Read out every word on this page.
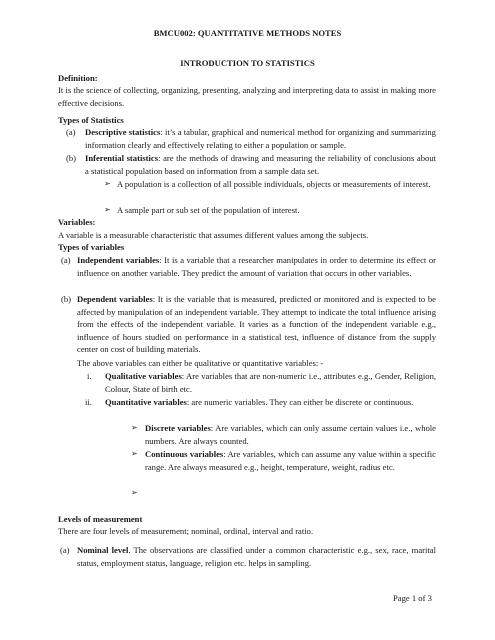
BMCU002: QUANTITATIVE METHODS NOTES
INTRODUCTION TO STATISTICS
Definition:
It is the science of collecting, organizing, presenting, analyzing and interpreting data to assist in making more effective decisions.
Types of Statistics
(a) Descriptive statistics: it’s a tabular, graphical and numerical method for organizing and summarizing information clearly and effectively relating to either a population or sample.
(b) Inferential statistics: are the methods of drawing and measuring the reliability of conclusions about a statistical population based on information from a sample data set.
➢ A population is a collection of all possible individuals, objects or measurements of interest.
➢ A sample part or sub set of the population of interest.
Variables:
A variable is a measurable characteristic that assumes different values among the subjects.
Types of variables
(a) Independent variables: It is a variable that a researcher manipulates in order to determine its effect or influence on another variable. They predict the amount of variation that occurs in other variables.
(b) Dependent variables: It is the variable that is measured, predicted or monitored and is expected to be affected by manipulation of an independent variable. They attempt to indicate the total influence arising from the effects of the independent variable. It varies as a function of the independent variable e.g., influence of hours studied on performance in a statistical test, influence of distance from the supply center on cost of building materials.
The above variables can either be qualitative or quantitative variables: -
i. Qualitative variables: Are variables that are non-numeric i.e., attributes e.g., Gender, Religion, Colour, State of birth etc.
ii. Quantitative variables: are numeric variables. They can either be discrete or continuous.
➢ Discrete variables: Are variables, which can only assume certain values i.e., whole numbers. Are always counted.
➢ Continuous variables: Are variables, which can assume any value within a specific range. Are always measured e.g., height, temperature, weight, radius etc.
➢
Levels of measurement
There are four levels of measurement; nominal, ordinal, interval and ratio.
(a) Nominal level. The observations are classified under a common characteristic e.g., sex, race, marital status, employment status, language, religion etc. helps in sampling.
Page 1 of 3
